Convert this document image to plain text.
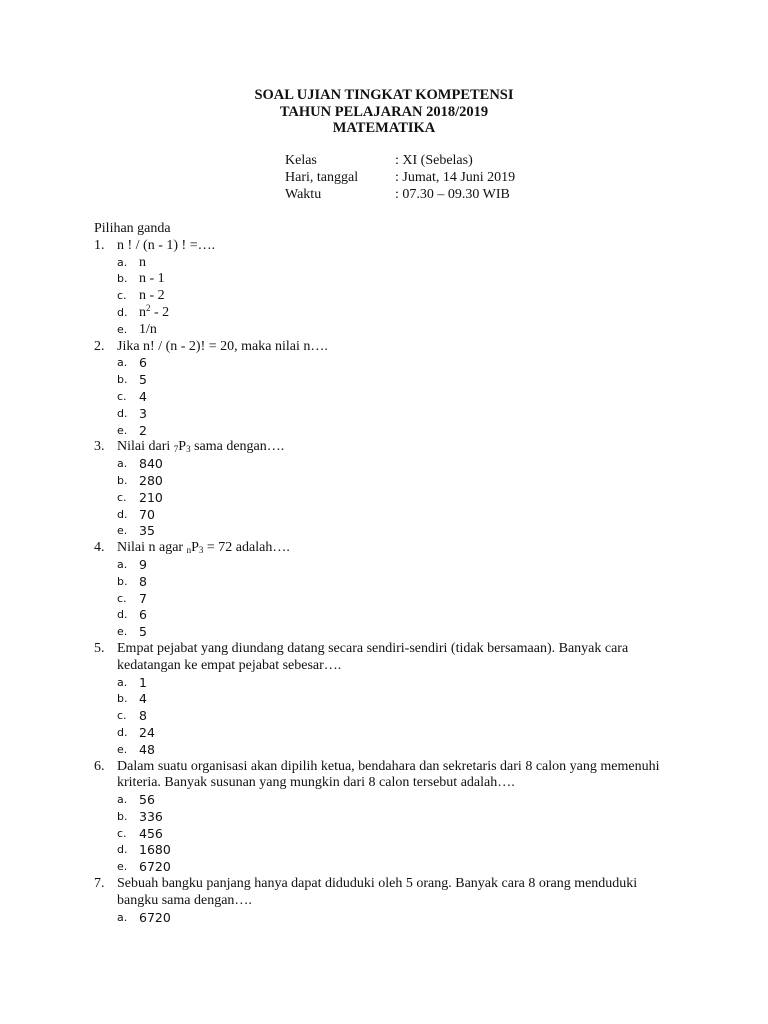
SOAL UJIAN TINGKAT KOMPETENSI
TAHUN PELAJARAN 2018/2019
MATEMATIKA
Kelas	: XI (Sebelas)
Hari, tanggal	: Jumat, 14 Juni 2019
Waktu	: 07.30 – 09.30 WIB
Pilihan ganda
1. n ! / (n - 1) ! =….
a. n
b. n - 1
c. n - 2
d. $n^2 - 2$
e. 1/n
2. Jika n! / (n - 2)! = 20, maka nilai n….
a. 6
b. 5
c. 4
d. 3
e. 2
3. Nilai dari $_7P_3$ sama dengan….
a. 840
b. 280
c. 210
d. 70
e. 35
4. Nilai n agar $_nP_3 = 72$ adalah….
a. 9
b. 8
c. 7
d. 6
e. 5
5. Empat pejabat yang diundang datang secara sendiri-sendiri (tidak bersamaan). Banyak cara kedatangan ke empat pejabat sebesar….
a. 1
b. 4
c. 8
d. 24
e. 48
6. Dalam suatu organisasi akan dipilih ketua, bendahara dan sekretaris dari 8 calon yang memenuhi kriteria. Banyak susunan yang mungkin dari 8 calon tersebut adalah….
a. 56
b. 336
c. 456
d. 1680
e. 6720
7. Sebuah bangku panjang hanya dapat diduduki oleh 5 orang. Banyak cara 8 orang menduduki bangku sama dengan….
a. 6720
